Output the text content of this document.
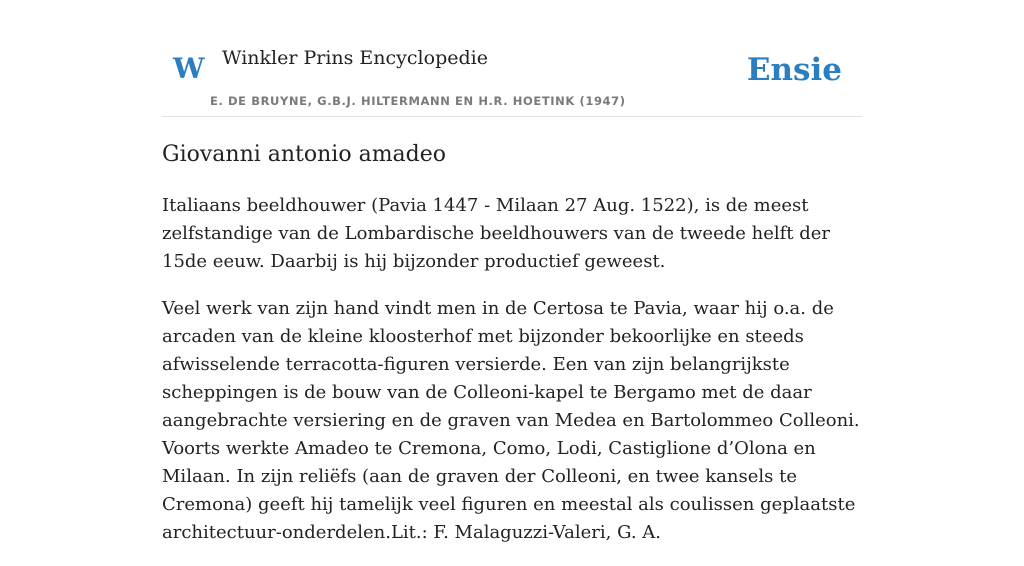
W Winkler Prins Encyclopedie
E. DE BRUYNE, G.B.J. HILTERMANN EN H.R. HOETINK (1947)
Ensie
Giovanni antonio amadeo

Italiaans beeldhouwer (Pavia 1447 - Milaan 27 Aug. 1522), is de meest zelfstandige van de Lombardische beeldhouwers van de tweede helft der 15de eeuw. Daarbij is hij bijzonder productief geweest.

Veel werk van zijn hand vindt men in de Certosa te Pavia, waar hij o.a. de arcaden van de kleine kloosterhof met bijzonder bekoorlijke en steeds afwisselende terracotta-figuren versierde. Een van zijn belangrijkste scheppingen is de bouw van de Colleoni-kapel te Bergamo met de daar aangebrachte versiering en de graven van Medea en Bartolommeo Colleoni. Voorts werkte Amadeo te Cremona, Como, Lodi, Castiglione d’Olona en Milaan. In zijn reliëfs (aan de graven der Colleoni, en twee kansels te Cremona) geeft hij tamelijk veel figuren en meestal als coulissen geplaatste architectuur-onderdelen.Lit.: F. Malaguzzi-Valeri, G. A.
